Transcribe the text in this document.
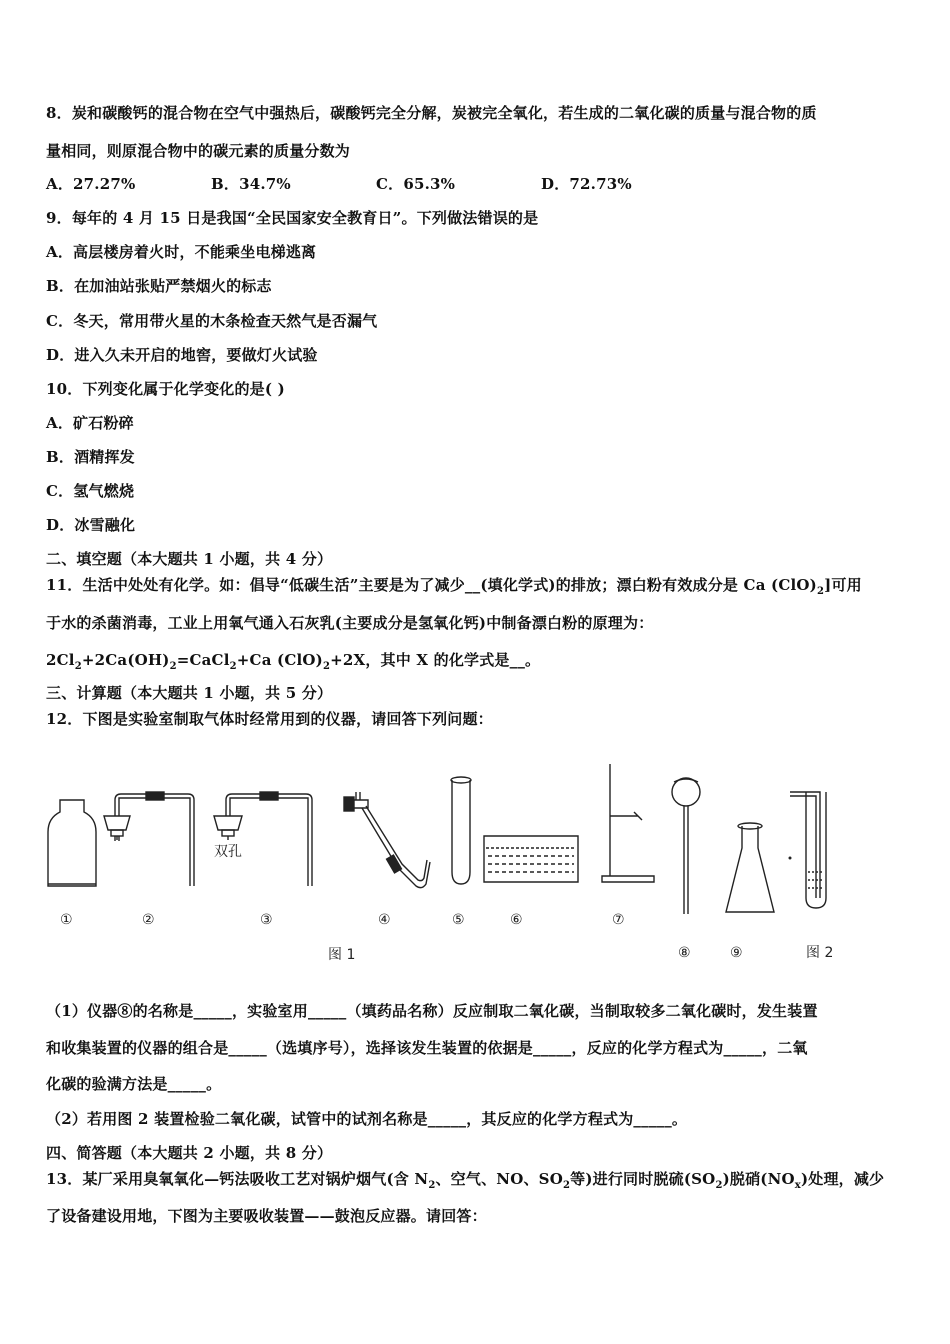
8．炭和碳酸钙的混合物在空气中强热后，碳酸钙完全分解，炭被完全氧化，若生成的二氧化碳的质量与混合物的质
量相同，则原混合物中的碳元素的质量分数为
A．27.27%	B．34.7%	C．65.3%	D．72.73%
9．每年的 4 月 15 日是我国“全民国家安全教育日”。下列做法错误的是
A．高层楼房着火时，不能乘坐电梯逃离
B．在加油站张贴严禁烟火的标志
C．冬天，常用带火星的木条检查天然气是否漏气
D．进入久未开启的地窖，要做灯火试验
10．下列变化属于化学变化的是( )
A．矿石粉碎
B．酒精挥发
C．氢气燃烧
D．冰雪融化
二、填空题（本大题共 1 小题，共 4 分）
11．生活中处处有化学。如：倡导“低碳生活”主要是为了减少__(填化学式)的排放；漂白粉有效成分是 Ca $(ClO)_2$]可用
于水的杀菌消毒，工业上用氧气通入石灰乳(主要成分是氢氧化钙)中制备漂白粉的原理为：
$2Cl_2+2Ca(OH)_2=CaCl_2+Ca$ $(ClO)_2+2X$，其中 X 的化学式是__。
三、计算题（本大题共 1 小题，共 5 分）
12．下图是实验室制取气体时经常用到的仪器，请回答下列问题：
双孔
①	②	③	④	⑤	⑥	⑦
⑧	⑨
图 1	图 2
（1）仪器⑧的名称是_____，实验室用_____（填药品名称）反应制取二氧化碳，当制取较多二氧化碳时，发生装置
和收集装置的仪器的组合是_____（选填序号），选择该发生装置的依据是_____，反应的化学方程式为_____，二氧
化碳的验满方法是_____。
（2）若用图 2 装置检验二氧化碳，试管中的试剂名称是_____，其反应的化学方程式为_____。
四、简答题（本大题共 2 小题，共 8 分）
13．某厂采用臭氧氧化—钙法吸收工艺对锅炉烟气(含 $N_2$、空气、NO、$SO_2$等)进行同时脱硫$(SO_2)$脱硝$(NO_x)$处理，减少
了设备建设用地，下图为主要吸收装置——鼓泡反应器。请回答：
